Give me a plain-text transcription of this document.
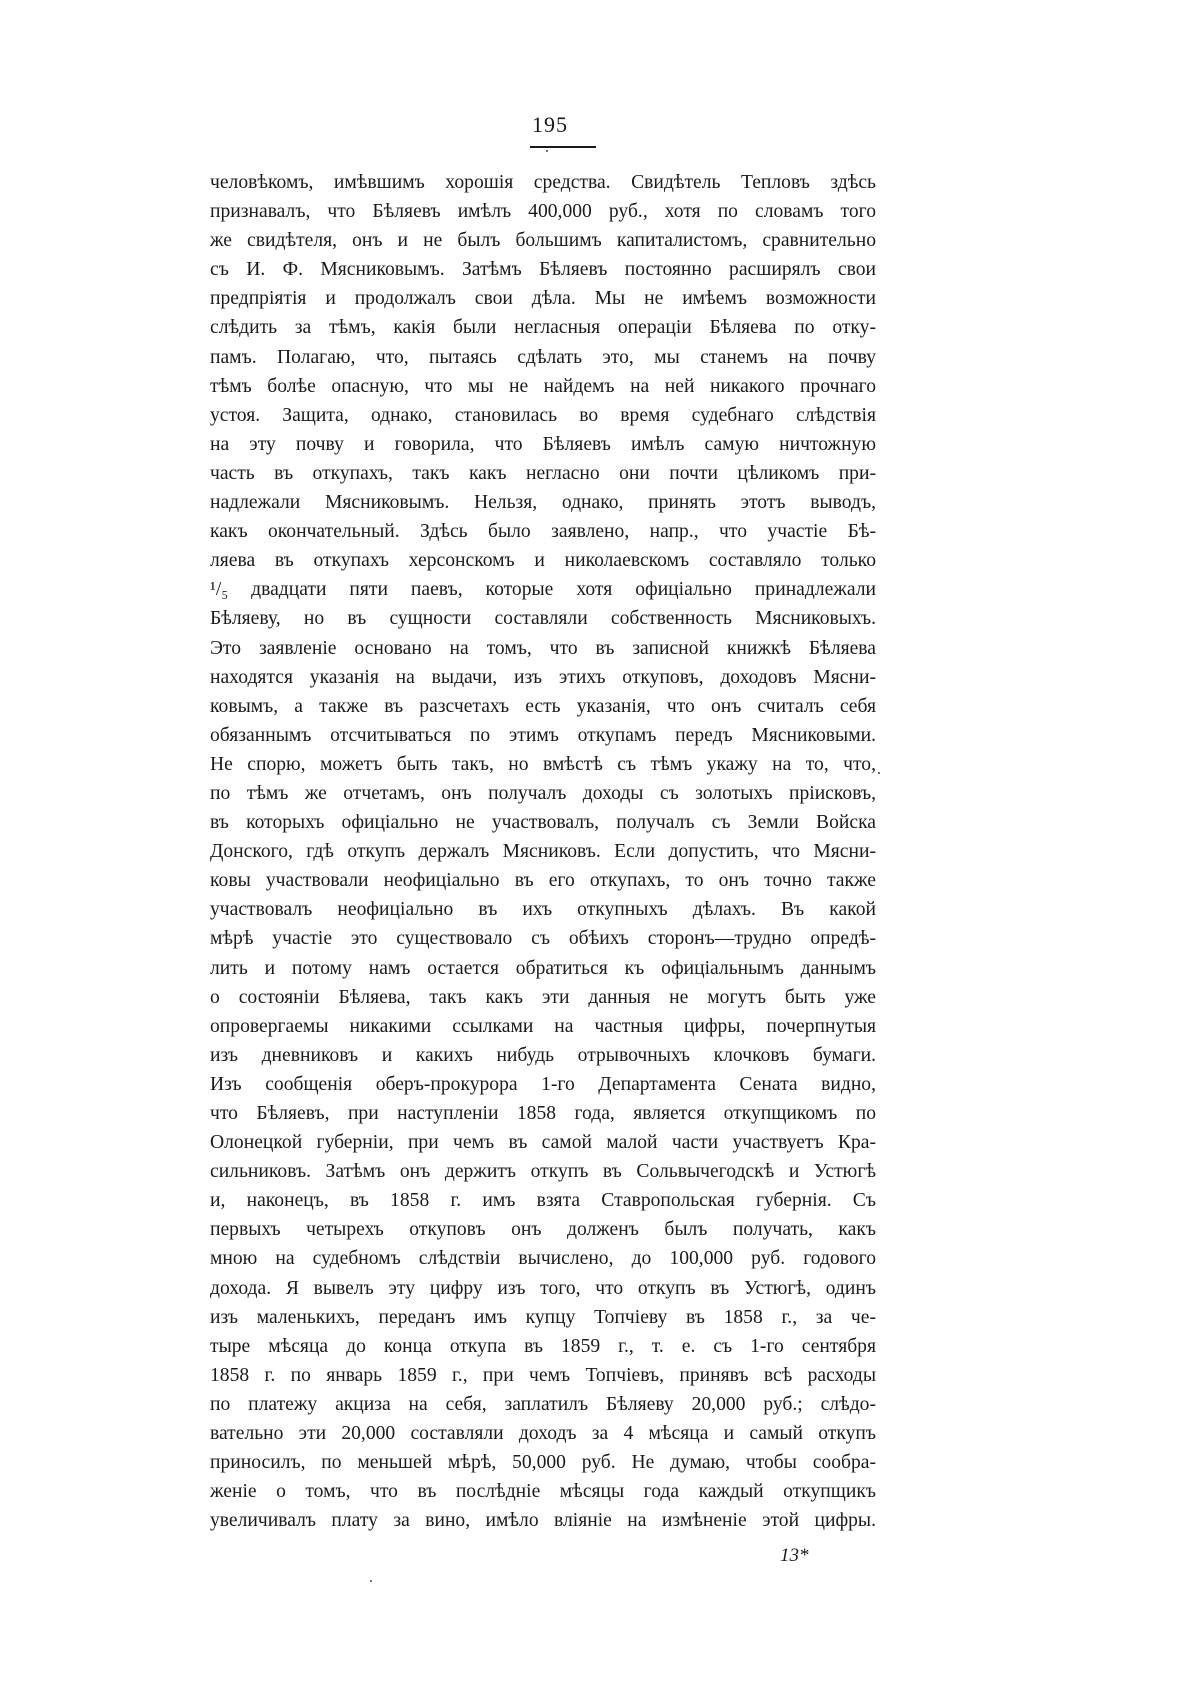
195
человѣкомъ, имѣвшимъ хорошія средства. Свидѣтель Тепловъ здѣсь
признавалъ, что Бѣляевъ имѣлъ 400,000 руб., хотя по словамъ того
же свидѣтеля, онъ и не былъ большимъ капиталистомъ, сравнительно
съ И. Ф. Мясниковымъ. Затѣмъ Бѣляевъ постоянно расширялъ свои
предпріятія и продолжалъ свои дѣла. Мы не имѣемъ возможности
слѣдить за тѣмъ, какія были негласныя операціи Бѣляева по отку-
памъ. Полагаю, что, пытаясь сдѣлать это, мы станемъ на почву
тѣмъ болѣе опасную, что мы не найдемъ на ней никакого прочнаго
устоя. Защита, однако, становилась во время судебнаго слѣдствія
на эту почву и говорила, что Бѣляевъ имѣлъ самую ничтожную
часть въ откупахъ, такъ какъ негласно они почти цѣликомъ при-
надлежали Мясниковымъ. Нельзя, однако, принять этотъ выводъ,
какъ окончательный. Здѣсь было заявлено, напр., что участіе Бѣ-
ляева въ откупахъ херсонскомъ и николаевскомъ составляло только
¹/₅ двадцати пяти паевъ, которые хотя офиціально принадлежали
Бѣляеву, но въ сущности составляли собственность Мясниковыхъ.
Это заявленіе основано на томъ, что въ записной книжкѣ Бѣляева
находятся указанія на выдачи, изъ этихъ откуповъ, доходовъ Мясни-
ковымъ, а также въ разсчетахъ есть указанія, что онъ считалъ себя
обязаннымъ отсчитываться по этимъ откупамъ передъ Мясниковыми.
Не спорю, можетъ быть такъ, но вмѣстѣ съ тѣмъ укажу на то, что,
по тѣмъ же отчетамъ, онъ получалъ доходы съ золотыхъ пріисковъ,
въ которыхъ офиціально не участвовалъ, получалъ съ Земли Войска
Донского, гдѣ откупъ держалъ Мясниковъ. Если допустить, что Мясни-
ковы участвовали неофиціально въ его откупахъ, то онъ точно также
участвовалъ неофиціально въ ихъ откупныхъ дѣлахъ. Въ какой
мѣрѣ участіе это существовало съ обѣихъ сторонъ—трудно опредѣ-
лить и потому намъ остается обратиться къ офиціальнымъ даннымъ
о состояніи Бѣляева, такъ какъ эти данныя не могутъ быть уже
опровергаемы никакими ссылками на частныя цифры, почерпнутыя
изъ дневниковъ и какихъ нибудь отрывочныхъ клочковъ бумаги.
Изъ сообщенія оберъ-прокурора 1-го Департамента Сената видно,
что Бѣляевъ, при наступленіи 1858 года, является откупщикомъ по
Олонецкой губерніи, при чемъ въ самой малой части участвуетъ Кра-
сильниковъ. Затѣмъ онъ держитъ откупъ въ Сольвычегодскѣ и Устюгѣ
и, наконецъ, въ 1858 г. имъ взята Ставропольская губернія. Съ
первыхъ четырехъ откуповъ онъ долженъ былъ получать, какъ
мною на судебномъ слѣдствіи вычислено, до 100,000 руб. годового
дохода. Я вывелъ эту цифру изъ того, что откупъ въ Устюгѣ, одинъ
изъ маленькихъ, переданъ имъ купцу Топчіеву въ 1858 г., за че-
тыре мѣсяца до конца откупа въ 1859 г., т. е. съ 1-го сентября
1858 г. по январь 1859 г., при чемъ Топчіевъ, принявъ всѣ расходы
по платежу акциза на себя, заплатилъ Бѣляеву 20,000 руб.; слѣдо-
вательно эти 20,000 составляли доходъ за 4 мѣсяца и самый откупъ
приносилъ, по меньшей мѣрѣ, 50,000 руб. Не думаю, чтобы сообра-
женіе о томъ, что въ послѣдніе мѣсяцы года каждый откупщикъ
увеличивалъ плату за вино, имѣло вліяніе на измѣненіе этой цифры.
13*
